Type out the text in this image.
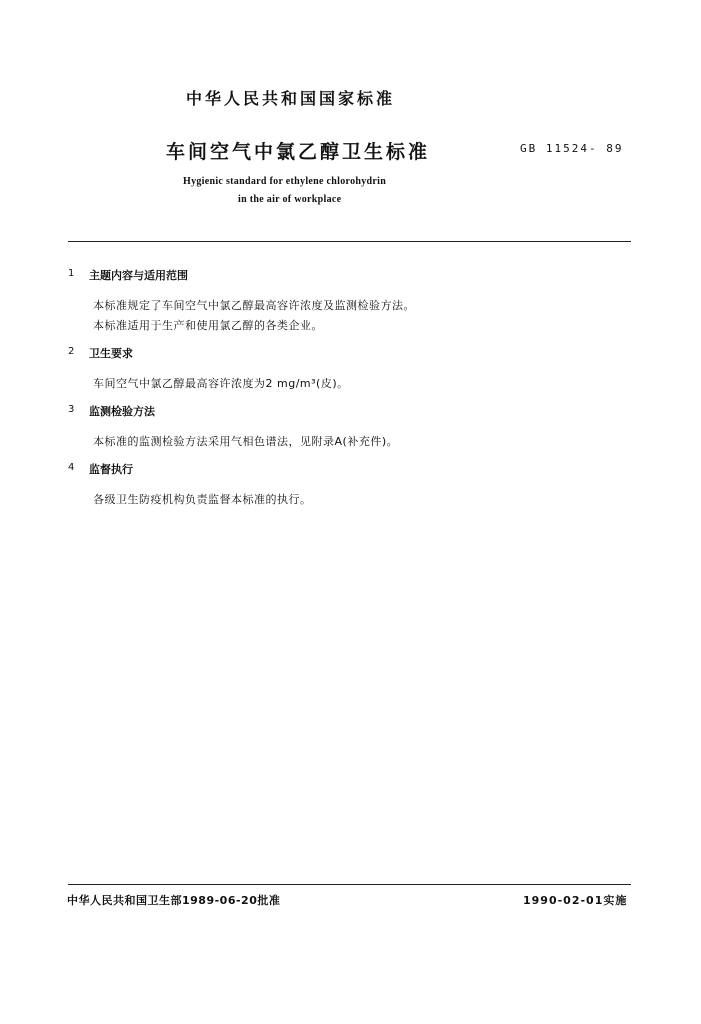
中华人民共和国国家标准
车间空气中氯乙醇卫生标准	GB 11524- 89
Hygienic standard for ethylene chlorohydrin
in the air of workplace
1 主题内容与适用范围
本标准规定了车间空气中氯乙醇最高容许浓度及监测检验方法。
本标准适用于生产和使用氯乙醇的各类企业。
2 卫生要求
车间空气中氯乙醇最高容许浓度为2 mg/m³(皮)。
3 监测检验方法
本标准的监测检验方法采用气相色谱法，见附录A(补充件)。
4 监督执行
各级卫生防疫机构负责监督本标准的执行。
中华人民共和国卫生部1989-06-20批准	1990-02-01实施
